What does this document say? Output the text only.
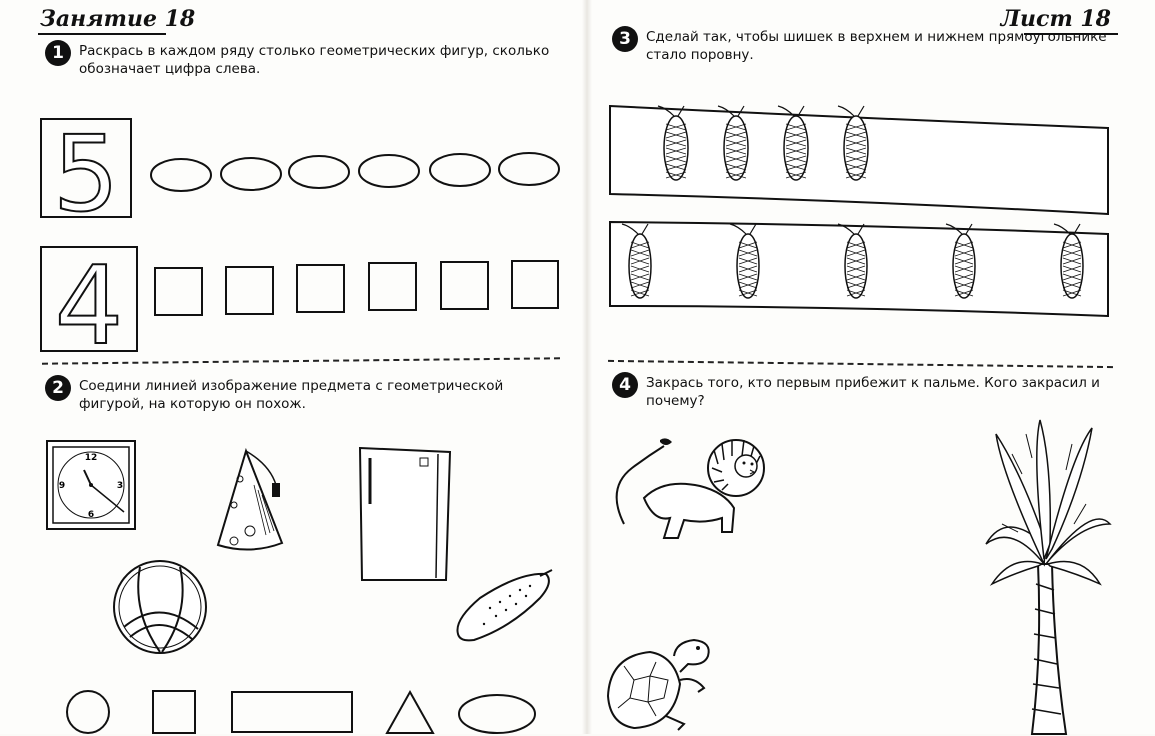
Занятие 18
1	Раскрась в каждом ряду столько геометрических фигур, сколько обозначает цифра слева.
5
4
2	Соедини линией изображение предмета с геометрической фигурой, на которую он похож.
12
3
6
9
Лист 18
3	Сделай так, чтобы шишек в верхнем и нижнем прямоугольнике стало поровну.
4	Закрась того, кто первым прибежит к пальме. Кого закрасил и почему?
